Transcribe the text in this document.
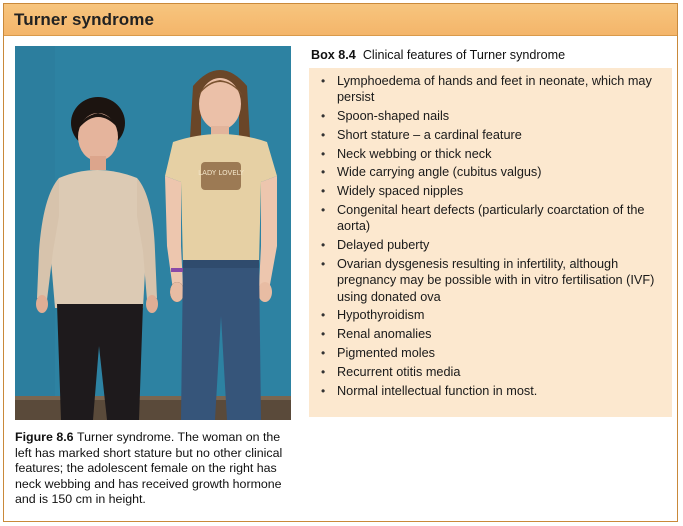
Turner syndrome
LADY LOVELY
Figure 8.6 Turner syndrome. The woman on the left has marked short stature but no other clinical features; the adolescent female on the right has neck webbing and has received growth hormone and is 150 cm in height.
Box 8.4 Clinical features of Turner syndrome
• Lymphoedema of hands and feet in neonate, which may persist
• Spoon-shaped nails
• Short stature – a cardinal feature
• Neck webbing or thick neck
• Wide carrying angle (cubitus valgus)
• Widely spaced nipples
• Congenital heart defects (particularly coarctation of the aorta)
• Delayed puberty
• Ovarian dysgenesis resulting in infertility, although pregnancy may be possible with in vitro fertilisation (IVF) using donated ova
• Hypothyroidism
• Renal anomalies
• Pigmented moles
• Recurrent otitis media
• Normal intellectual function in most.
